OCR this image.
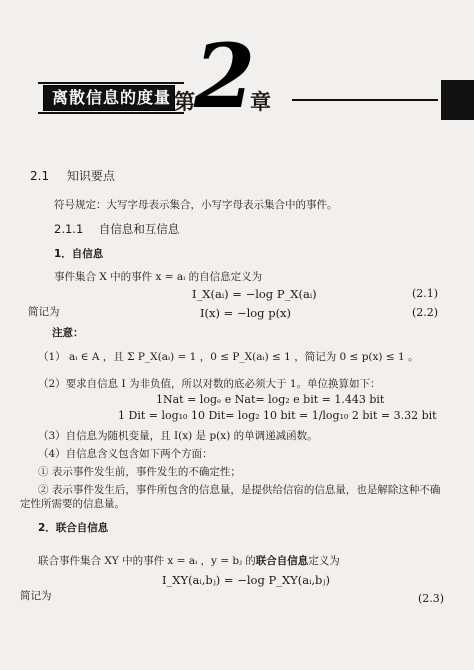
离散信息的度量 第 2
章
2.1 知识要点
符号规定：大写字母表示集合，小写字母表示集合中的事件。
2.1.1 自信息和互信息
1．自信息
事件集合 X 中的事件 x = aᵢ 的自信息定义为
I_X(aᵢ) = −log P_X(aᵢ)	(2.1)
简记为	I(x) = −log p(x)	(2.2)
注意：
（1） aᵢ ∈ A ，且 Σ P_X(aᵢ) = 1 ，0 ≤ P_X(aᵢ) ≤ 1 ，简记为 0 ≤ p(x) ≤ 1 。
（2）要求自信息 I 为非负值，所以对数的底必须大于 1。单位换算如下：
1Nat = logₑ e Nat= log₂ e bit = 1.443 bit
1 Dit = log₁₀ 10 Dit= log₂ 10 bit = 1/log₁₀ 2 bit = 3.32 bit
（3）自信息为随机变量，且 I(x) 是 p(x) 的单调递减函数。
（4）自信息含义包含如下两个方面：
① 表示事件发生前，事件发生的不确定性；
② 表示事件发生后，事件所包含的信息量，是提供给信宿的信息量，也是解除这种不确
定性所需要的信息量。
2．联合自信息
联合事件集合 XY 中的事件 x = aᵢ ，y = bⱼ 的联合自信息定义为
I_XY(aᵢ,bⱼ) = −log P_XY(aᵢ,bⱼ)
简记为	(2.3)
